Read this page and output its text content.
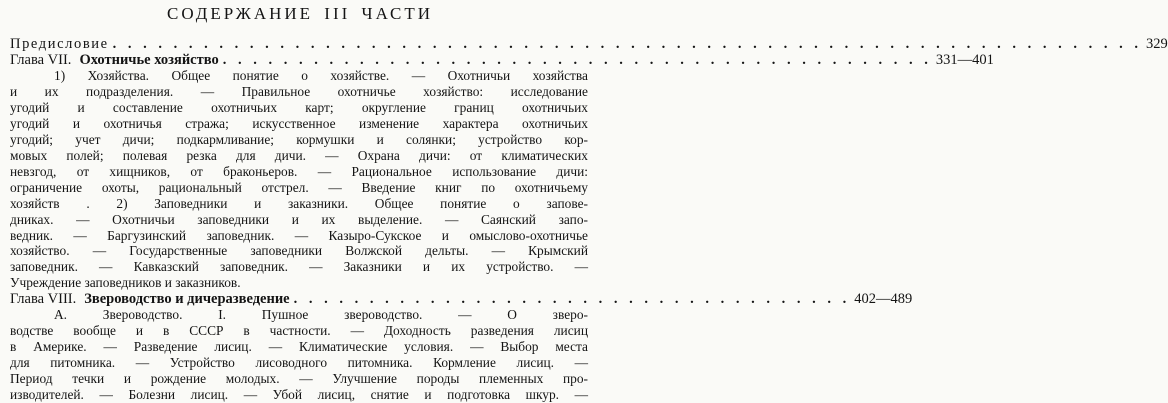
СОДЕРЖАНИЕ III ЧАСТИ
Предисловие . . . . . . . . . . . . . . . . . . . . . . . . . . . . . . . . . . . . . . . . . . . . . . . . . . . . . . . . . . . . . . . . . . . . 329
Глава VII. Охотничье хозяйство . . . . . . . . . . . . . . . . . . . . . . . . . . . . . . . . . . . . . . . . . . . . . . . 331—401
1) Хозяйства. Общее понятие о хозяйстве. — Охотничьи хозяйства
и их подразделения. — Правильное охотничье хозяйство: исследование
угодий и составление охотничьих карт; округление границ охотничьих
угодий и охотничья стража; искусственное изменение характера охотничьих
угодий; учет дичи; подкармливание; кормушки и солянки; устройство кор-
мовых полей; полевая резка для дичи. — Охрана дичи: от климатических
невзгод, от хищников, от браконьеров. — Рациональное использование дичи:
ограничение охоты, рациональный отстрел. — Введение книг по охотничьему
хозяйств . 2) Заповедники и заказники. Общее понятие о запове-
дниках. — Охотничьи заповедники и их выделение. — Саянский запо-
ведник. — Баргузинский заповедник. — Казыро-Сукское и омыслово-охотничье
хозяйство. — Государственные заповедники Волжской дельты. — Крымский
заповедник. — Кавказский заповедник. — Заказники и их устройство. —
Учреждение заповедников и заказников.
Глава VIII. Звероводство и дичеразведение . . . . . . . . . . . . . . . . . . . . . . . . . . . . . . . . . . . . . 402—489
А. Звероводство. I. Пушное звероводство. — О зверо-
водстве вообще и в СССР в частности. — Доходность разведения лисиц
в Америке. — Разведение лисиц. — Климатические условия. — Выбор места
для питомника. — Устройство лисоводного питомника. Кормление лисиц. —
Период течки и рождение молодых. — Улучшение породы племенных про-
изводителей. — Болезни лисиц. — Убой лисиц, снятие и подготовка шкур. —
